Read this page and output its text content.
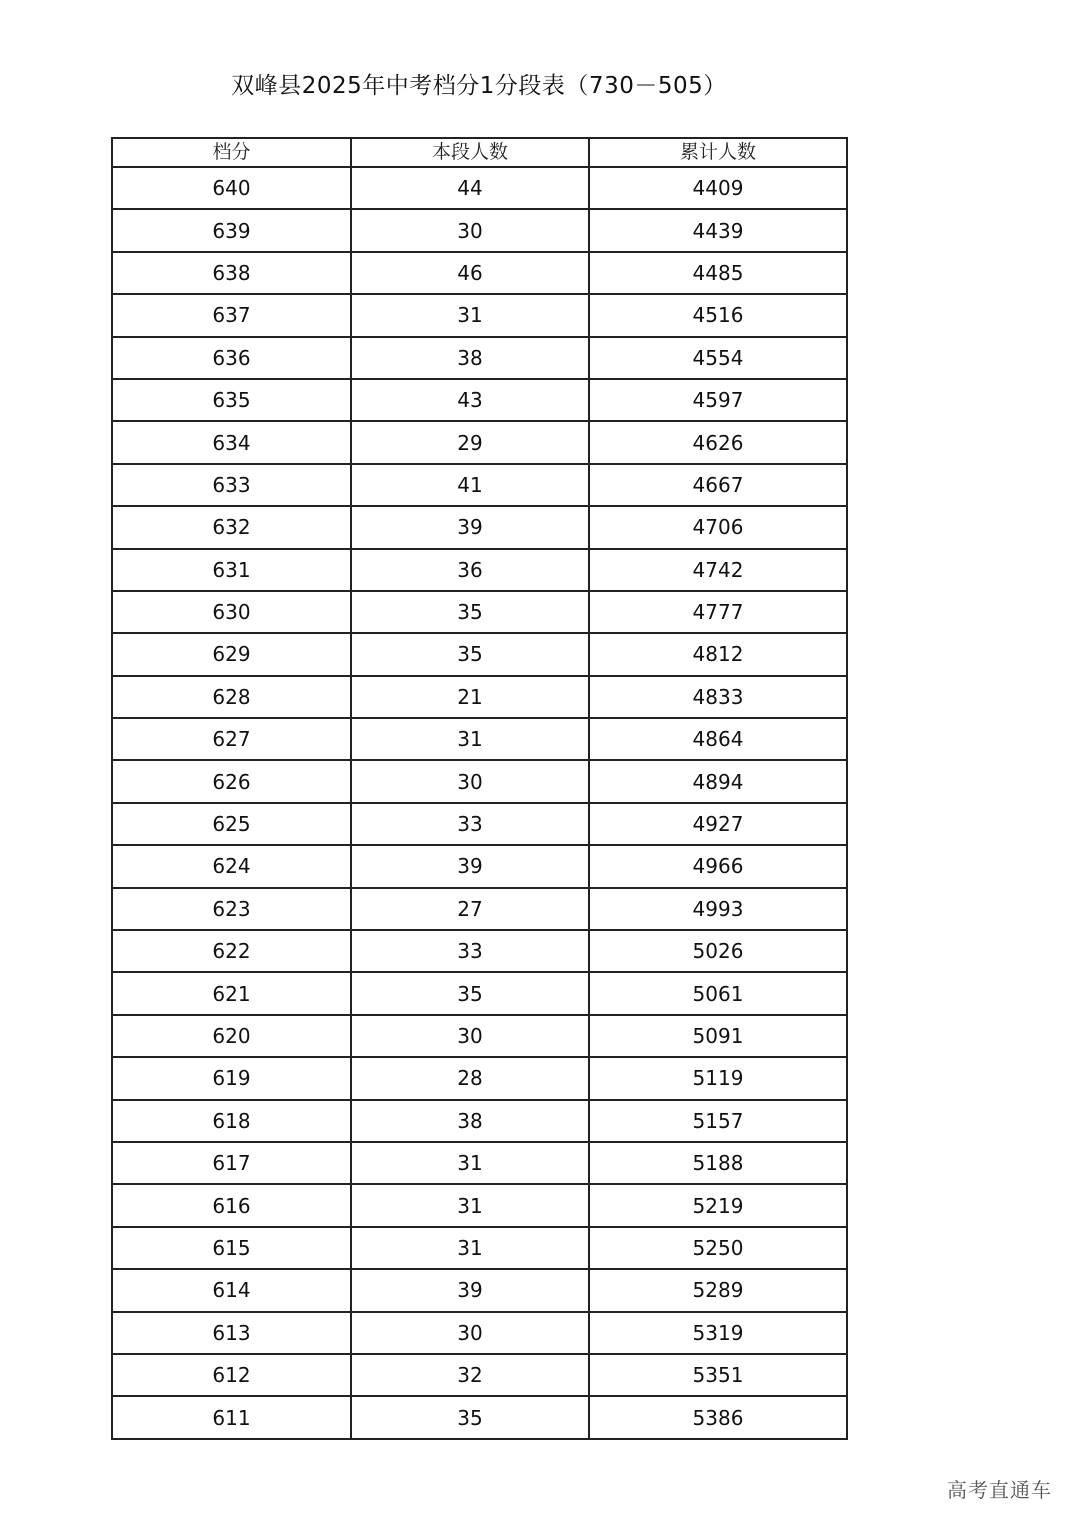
双峰县2025年中考档分1分段表（730－505）
档分	本段人数	累计人数
640	44	4409
639	30	4439
638	46	4485
637	31	4516
636	38	4554
635	43	4597
634	29	4626
633	41	4667
632	39	4706
631	36	4742
630	35	4777
629	35	4812
628	21	4833
627	31	4864
626	30	4894
625	33	4927
624	39	4966
623	27	4993
622	33	5026
621	35	5061
620	30	5091
619	28	5119
618	38	5157
617	31	5188
616	31	5219
615	31	5250
614	39	5289
613	30	5319
612	32	5351
611	35	5386
高考直通车
